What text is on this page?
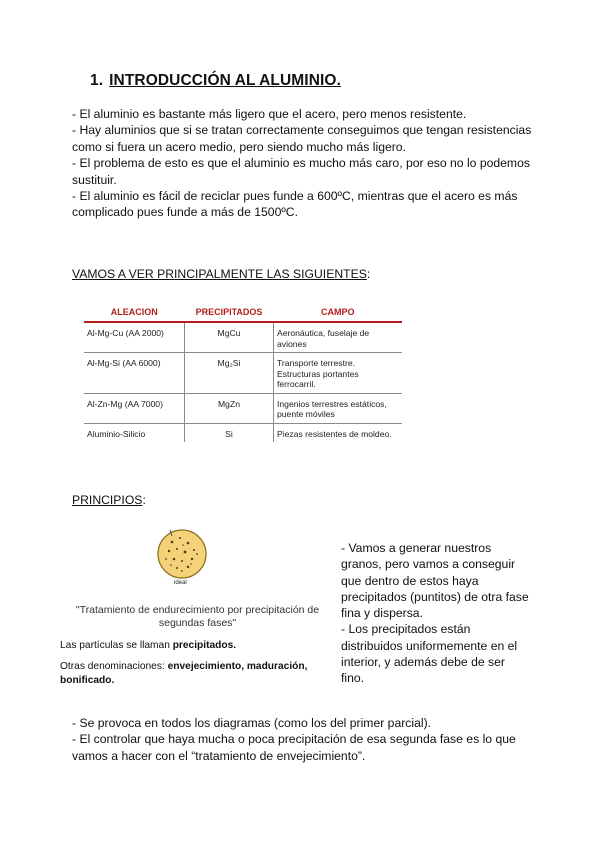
1. INTRODUCCIÓN AL ALUMINIO.

- El aluminio es bastante más ligero que el acero, pero menos resistente.

- Hay aluminios que si se tratan correctamente conseguimos que tengan resistencias como si fuera un acero medio, pero siendo mucho más ligero.

- El problema de esto es que el aluminio es mucho más caro, por eso no lo podemos sustituir.

- El aluminio es fácil de reciclar pues funde a 600ºC, mientras que el acero es más complicado pues funde a más de 1500ºC.

VAMOS A VER PRINCIPALMENTE LAS SIGUIENTES:
ALEACION	PRECIPITADOS	CAMPO
Al-Mg-Cu (AA 2000)	MgCu	Aeronáutica, fuselaje de aviones
Al-Mg-Si (AA 6000)	Mg₂Si	Transporte terrestre. Estructuras portantes ferrocarril.
Al-Zn-Mg (AA 7000)	MgZn	Ingenios terrestres estáticos, puente móviles
Aluminio-Silicio	Si	Piezas resistentes de moldeo.
PRINCIPIOS:
ideal
"Tratamiento de endurecimiento por precipitación de segundas fases"
Las partículas se llaman precipitados.
Otras denominaciones: envejecimiento, maduración, bonificado.

- Vamos a generar nuestros granos, pero vamos a conseguir que dentro de estos haya precipitados (puntitos) de otra fase fina y dispersa.

- Los precipitados están distribuidos uniformemente en el interior, y además debe de ser fino.

- Se provoca en todos los diagramas (como los del primer parcial).

- El controlar que haya mucha o poca precipitación de esa segunda fase es lo que vamos a hacer con el “tratamiento de envejecimiento”.
